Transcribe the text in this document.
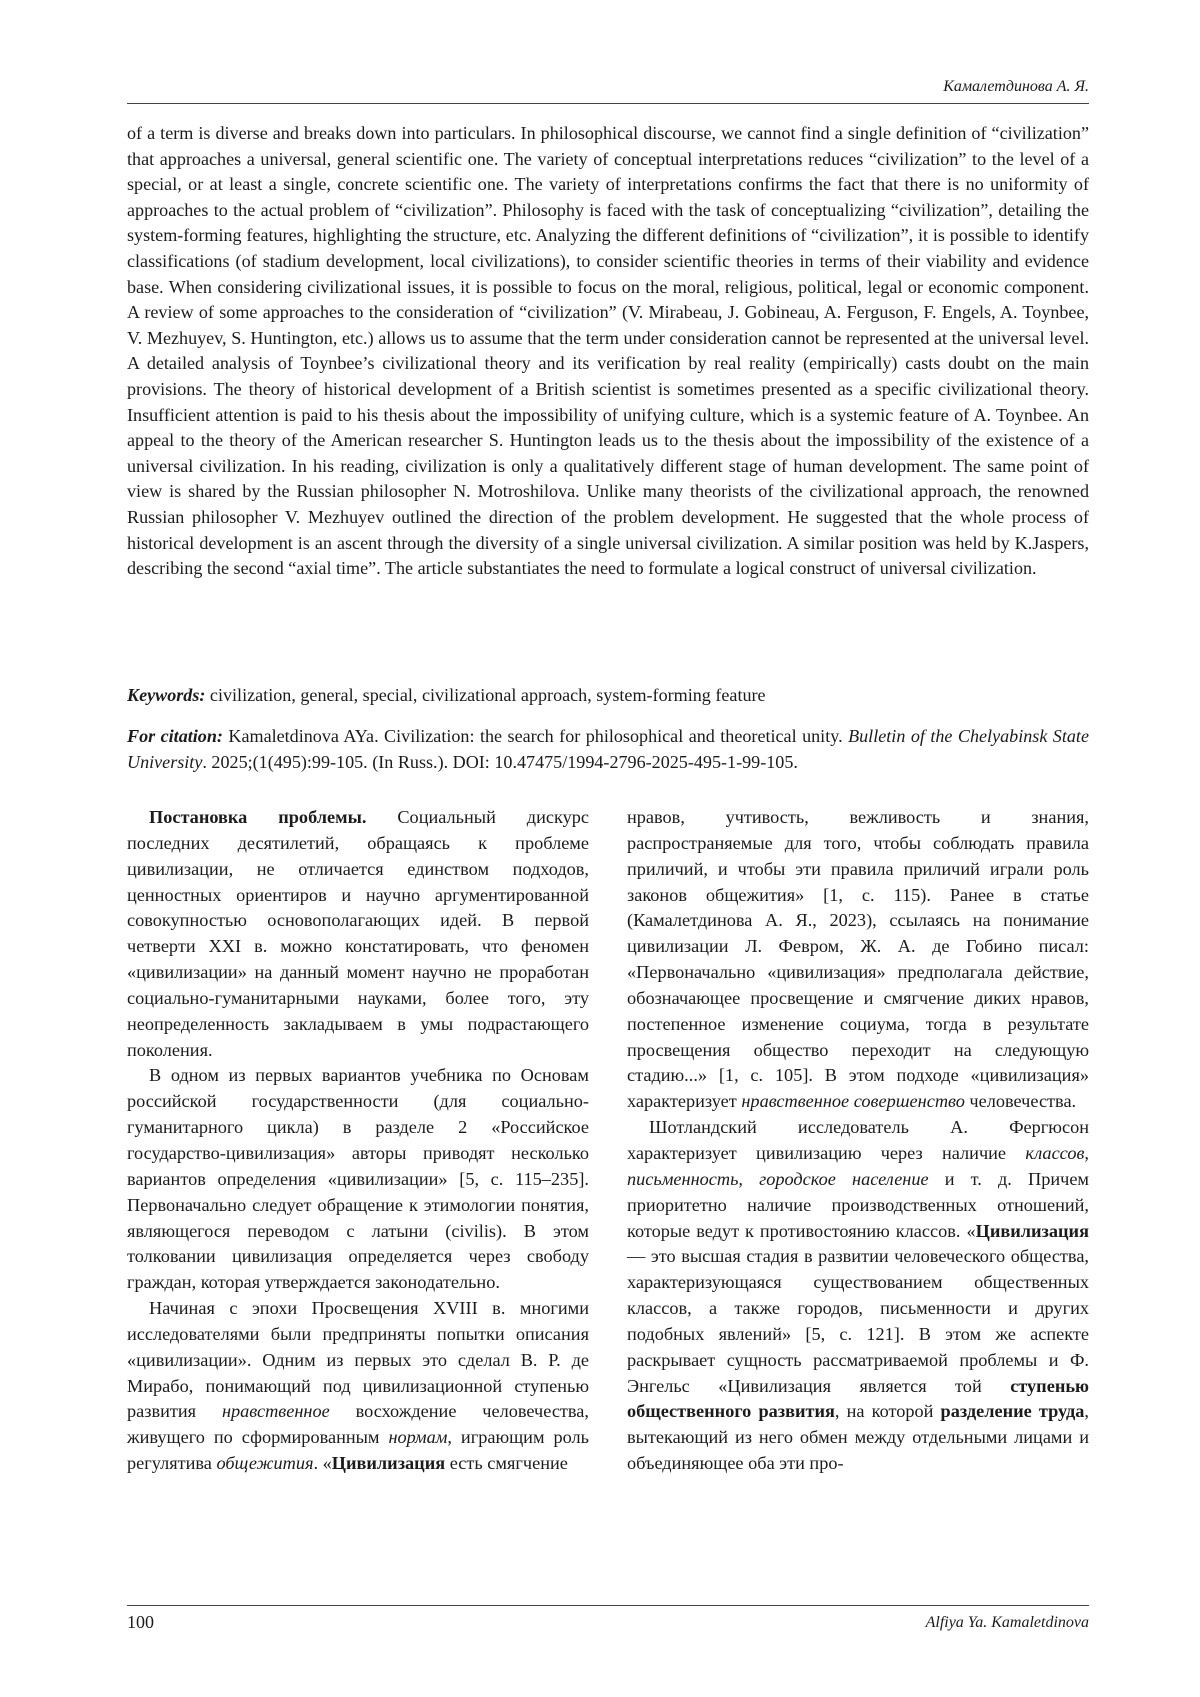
Камалетдинова А. Я.

of a term is diverse and breaks down into particulars. In philosophical discourse, we cannot find a single definition of “civilization” that approaches a universal, general scientific one. The variety of conceptual interpretations reduces “civilization” to the level of a special, or at least a single, concrete scientific one. The variety of interpretations confirms the fact that there is no uniformity of approaches to the actual problem of “civilization”. Philosophy is faced with the task of conceptualizing “civilization”, detailing the system-forming features, highlighting the structure, etc. Analyzing the different definitions of “civilization”, it is possible to identify classifications (of stadium development, local civilizations), to consider scientific theories in terms of their viability and evidence base. When considering civilizational issues, it is possible to focus on the moral, religious, political, legal or economic component. A review of some approaches to the consideration of “civilization” (V. Mirabeau, J. Gobineau, A. Ferguson, F. Engels, A. Toynbee, V. Mezhuyev, S. Huntington, etc.) allows us to assume that the term under consideration cannot be represented at the universal level. A detailed analysis of Toynbee’s civilizational theory and its verification by real reality (empirically) casts doubt on the main provisions. The theory of historical development of a British scientist is sometimes presented as a specific civilizational theory. Insufficient attention is paid to his thesis about the impossibility of unifying culture, which is a systemic feature of A. Toynbee. An appeal to the theory of the American researcher S. Huntington leads us to the thesis about the impossibility of the existence of a universal civilization. In his reading, civilization is only a qualitatively different stage of human development. The same point of view is shared by the Russian philosopher N. Motroshilova. Unlike many theorists of the civilizational approach, the renowned Russian philosopher V. Mezhuyev outlined the direction of the problem development. He suggested that the whole process of historical development is an ascent through the diversity of a single universal civilization. A similar position was held by K.Jaspers, describing the second “axial time”. The article substantiates the need to formulate a logical construct of universal civilization.

Keywords: civilization, general, special, civilizational approach, system-forming feature

For citation: Kamaletdinova AYa. Civilization: the search for philosophical and theoretical unity. Bulletin of the Chelyabinsk State University. 2025;(1(495):99-105. (In Russ.). DOI: 10.47475/1994-2796-2025-495-1-99-105.

Постановка проблемы. Социальный дискурс последних десятилетий, обращаясь к проблеме цивилизации, не отличается единством подходов, ценностных ориентиров и научно аргументированной совокупностью основополагающих идей. В первой четверти XXI в. можно констатировать, что феномен «цивилизации» на данный момент научно не проработан социально-гуманитарными науками, более того, эту неопределенность закладываем в умы подрастающего поколения.

В одном из первых вариантов учебника по Основам российской государственности (для социально-гуманитарного цикла) в разделе 2 «Российское государство-цивилизация» авторы приводят несколько вариантов определения «цивилизации» [5, с. 115–235]. Первоначально следует обращение к этимологии понятия, являющегося переводом с латыни (civilis). В этом толковании цивилизация определяется через свободу граждан, которая утверждается законодательно.

Начиная с эпохи Просвещения XVIII в. многими исследователями были предприняты попытки описания «цивилизации». Одним из первых это сделал В. Р. де Мирабо, понимающий под цивилизационной ступенью развития нравственное восхождение человечества, живущего по сформированным нормам, играющим роль регулятива общежития. «Цивилизация есть смягчение

нравов, учтивость, вежливость и знания, распространяемые для того, чтобы соблюдать правила приличий, и чтобы эти правила приличий играли роль законов общежития» [1, с. 115). Ранее в статье (Камалетдинова А. Я., 2023), ссылаясь на понимание цивилизации Л. Февром, Ж. А. де Гобино писал: «Первоначально «цивилизация» предполагала действие, обозначающее просвещение и смягчение диких нравов, постепенное изменение социума, тогда в результате просвещения общество переходит на следующую стадию...» [1, с. 105]. В этом подходе «цивилизация» характеризует нравственное совершенство человечества.

Шотландский исследователь А. Фергюсон характеризует цивилизацию через наличие классов, письменность, городское население и т. д. Причем приоритетно наличие производственных отношений, которые ведут к противостоянию классов. «Цивилизация — это высшая стадия в развитии человеческого общества, характеризующаяся существованием общественных классов, а также городов, письменности и других подобных явлений» [5, с. 121]. В этом же аспекте раскрывает сущность рассматриваемой проблемы и Ф. Энгельс «Цивилизация является той ступенью общественного развития, на которой разделение труда, вытекающий из него обмен между отдельными лицами и объединяющее оба эти про-

100	Alfiya Ya. Kamaletdinova
